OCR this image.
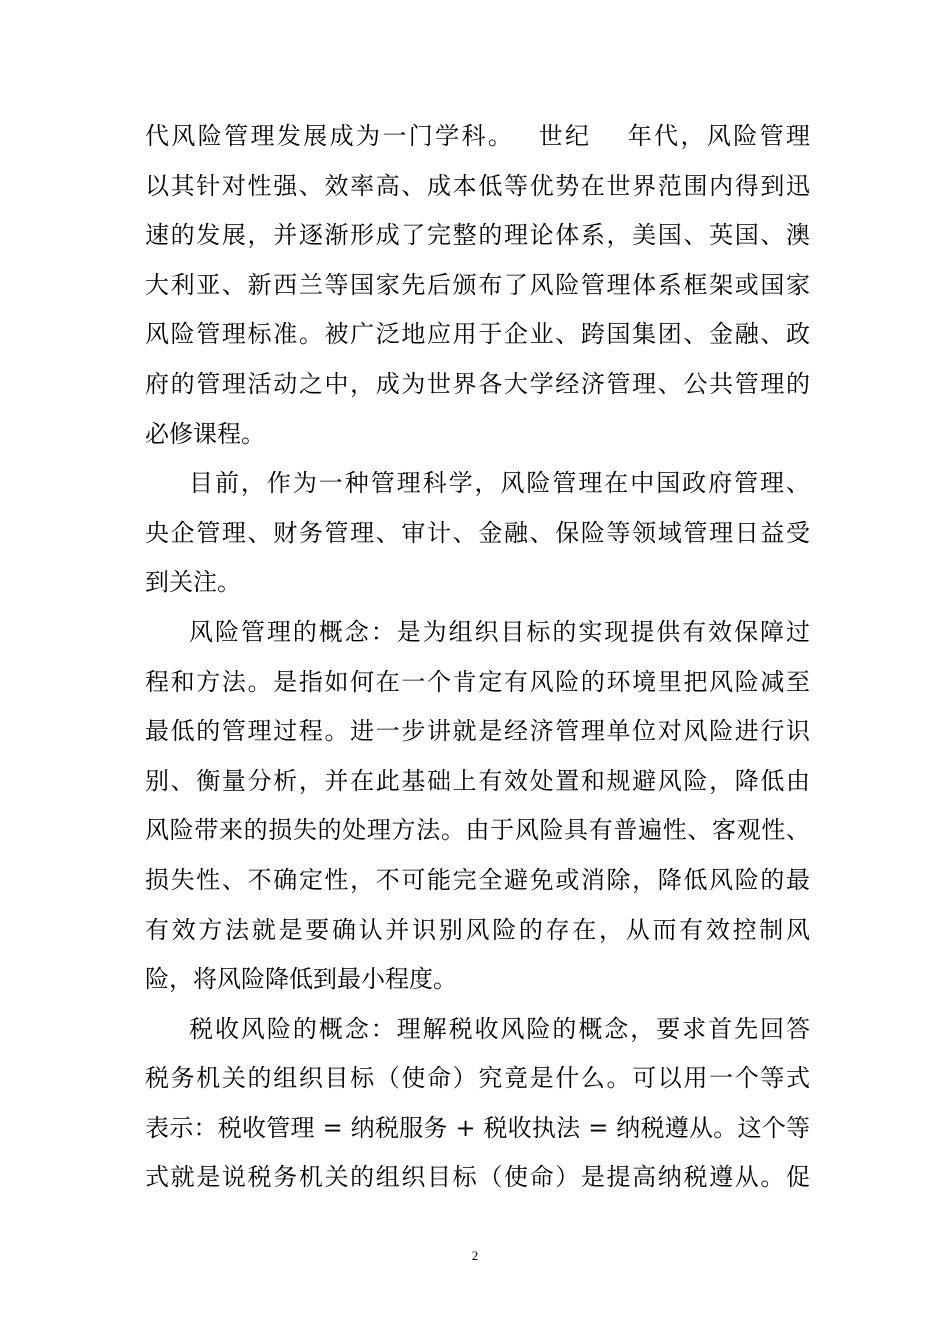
代风险管理发展成为一门学科。　 世纪　 年代，风险管理
以其针对性强、效率高、成本低等优势在世界范围内得到迅
速的发展，并逐渐形成了完整的理论体系，美国、英国、澳
大利亚、新西兰等国家先后颁布了风险管理体系框架或国家
风险管理标准。被广泛地应用于企业、跨国集团、金融、政
府的管理活动之中，成为世界各大学经济管理、公共管理的
必修课程。
目前，作为一种管理科学，风险管理在中国政府管理、
央企管理、财务管理、审计、金融、保险等领域管理日益受
到关注。
风险管理的概念：是为组织目标的实现提供有效保障过
程和方法。是指如何在一个肯定有风险的环境里把风险减至
最低的管理过程。进一步讲就是经济管理单位对风险进行识
别、衡量分析，并在此基础上有效处置和规避风险，降低由
风险带来的损失的处理方法。由于风险具有普遍性、客观性、
损失性、不确定性，不可能完全避免或消除，降低风险的最
有效方法就是要确认并识别风险的存在，从而有效控制风
险，将风险降低到最小程度。
税收风险的概念：理解税收风险的概念，要求首先回答
税务机关的组织目标（使命）究竟是什么。可以用一个等式
表示：税收管理 = 纳税服务 + 税收执法 = 纳税遵从。这个等
式就是说税务机关的组织目标（使命）是提高纳税遵从。促
2
